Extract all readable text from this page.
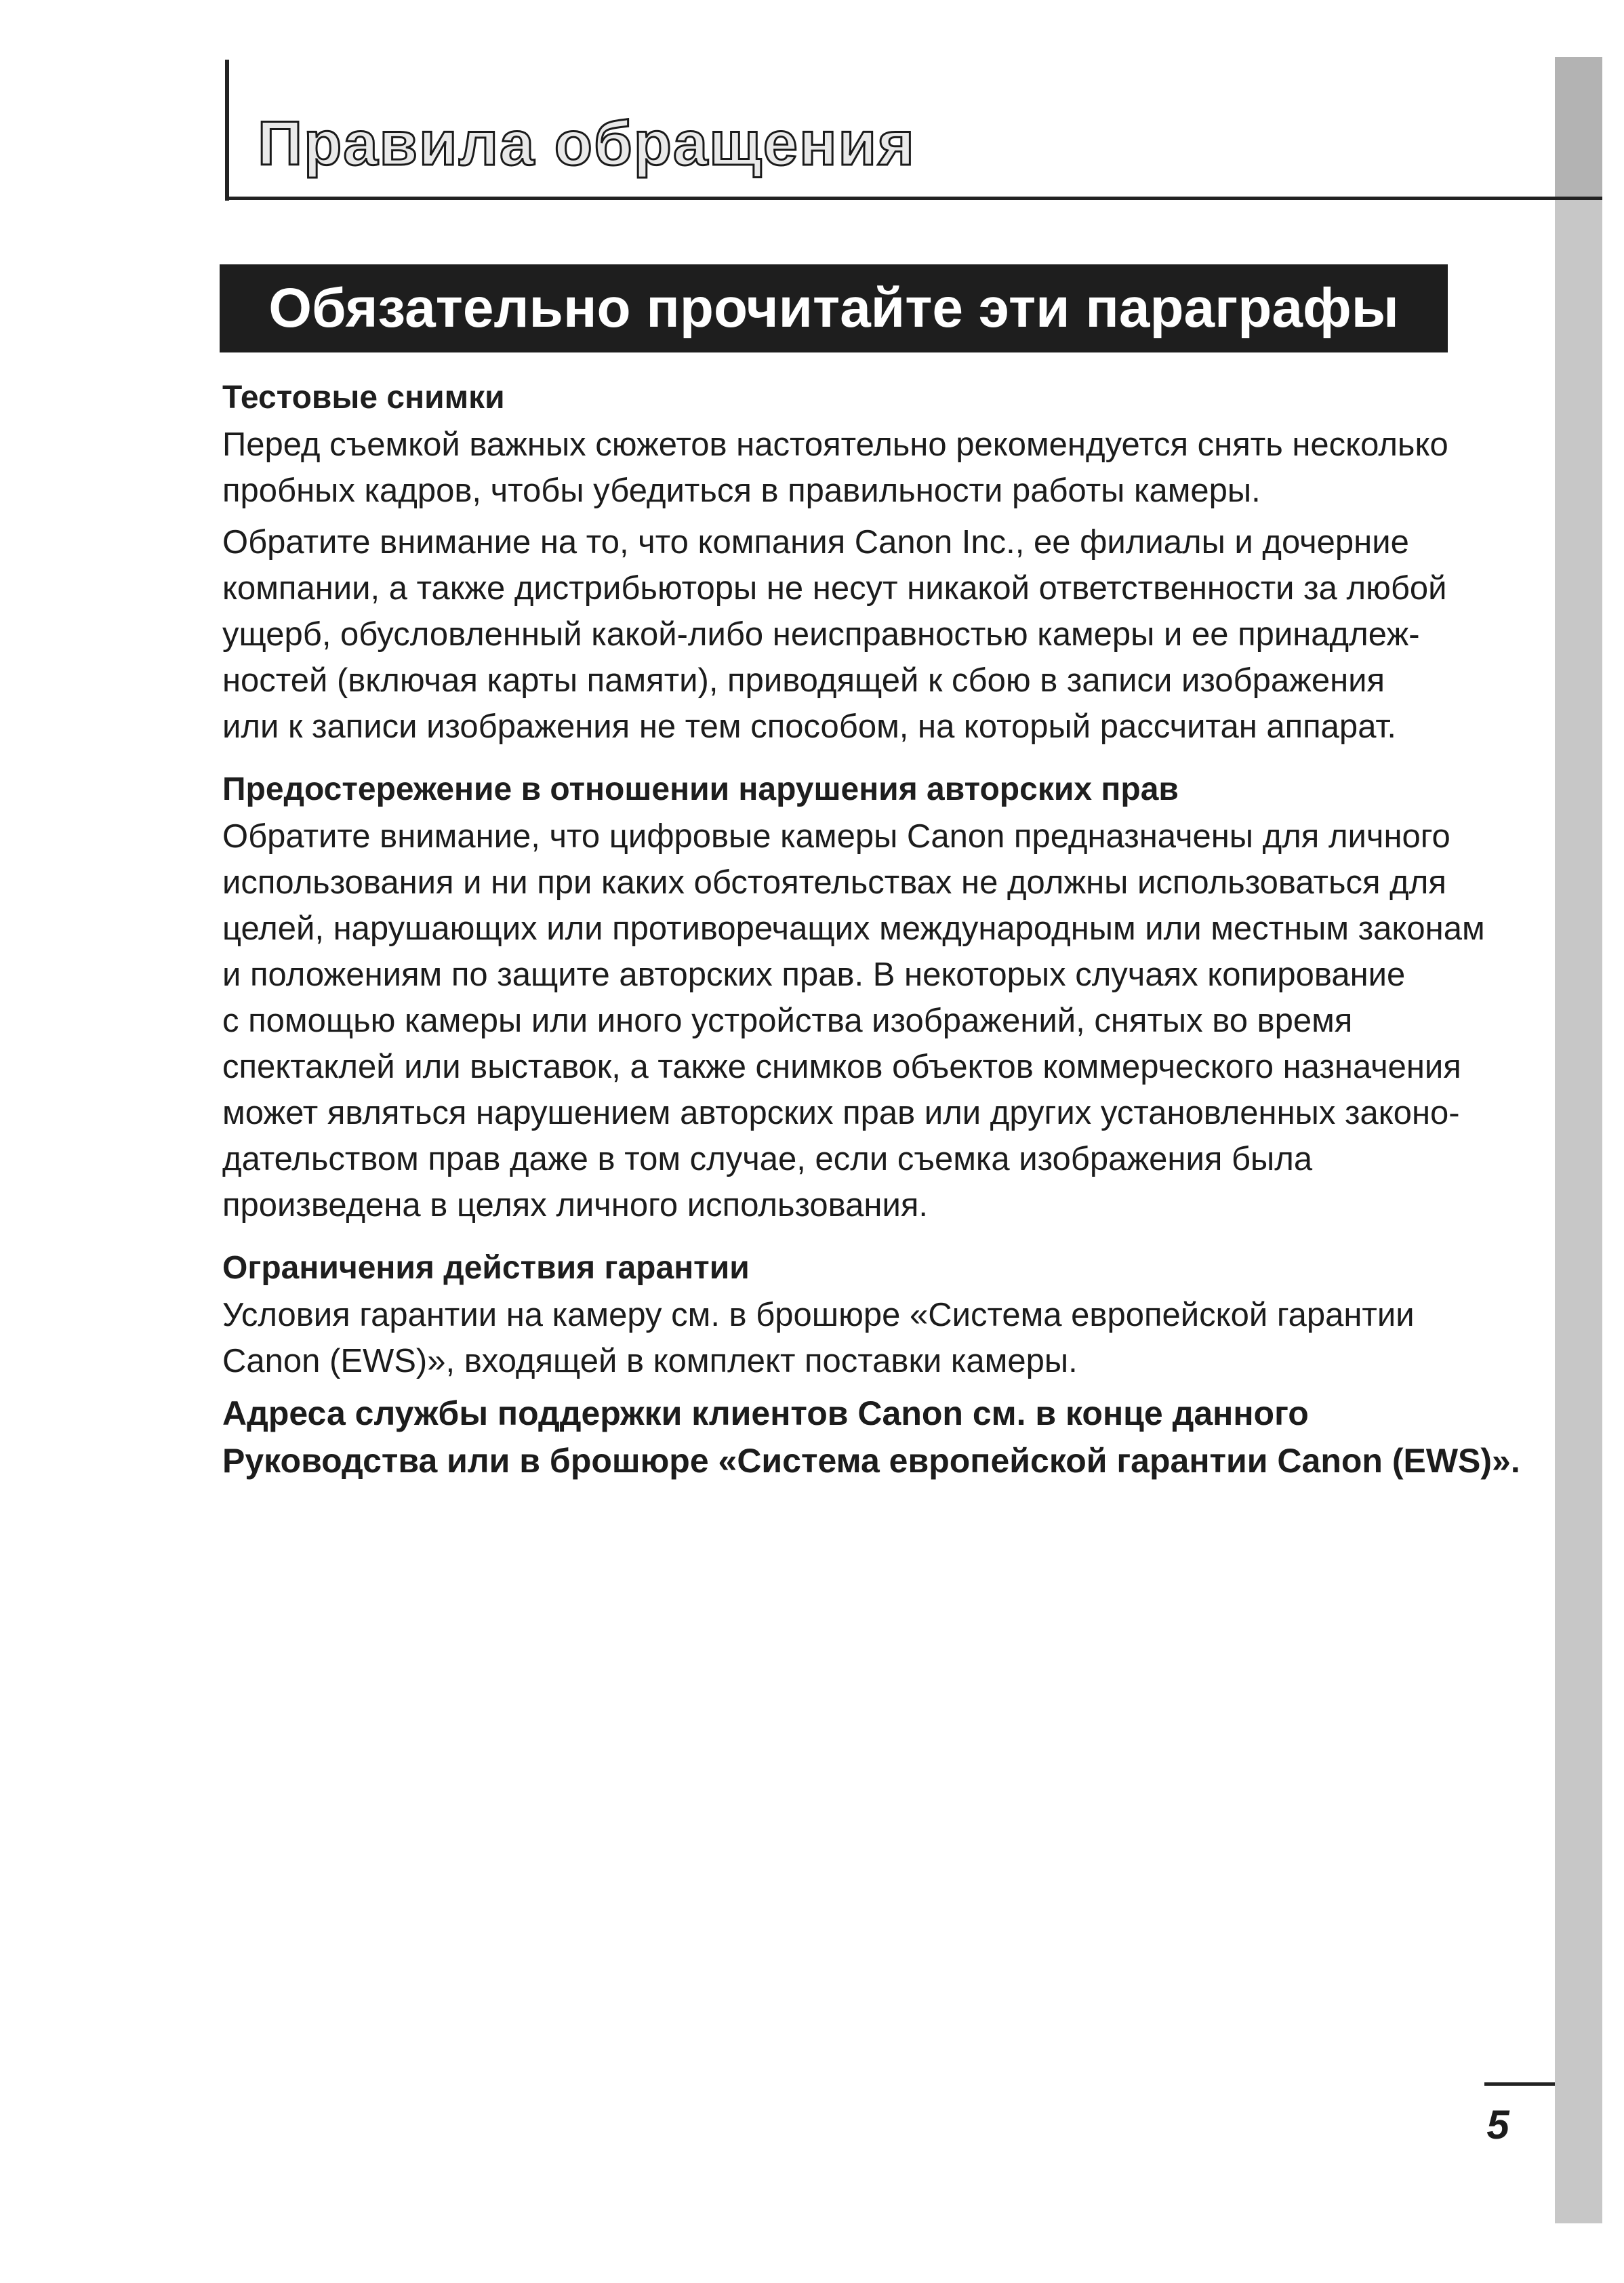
Правила обращения
Обязательно прочитайте эти параграфы

Тестовые снимки

Перед съемкой важных сюжетов настоятельно рекомендуется снять несколько

пробных кадров, чтобы убедиться в правильности работы камеры.

Обратите внимание на то, что компания Canon Inc., ее филиалы и дочерние

компании, а также дистрибьюторы не несут никакой ответственности за любой

ущерб, обусловленный какой-либо неисправностью камеры и ее принадлеж-

ностей (включая карты памяти), приводящей к сбою в записи изображения

или к записи изображения не тем способом, на который рассчитан аппарат.

Предостережение в отношении нарушения авторских прав

Обратите внимание, что цифровые камеры Canon предназначены для личного

использования и ни при каких обстоятельствах не должны использоваться для

целей, нарушающих или противоречащих международным или местным законам

и положениям по защите авторских прав. В некоторых случаях копирование

с помощью камеры или иного устройства изображений, снятых во время

спектаклей или выставок, а также снимков объектов коммерческого назначения

может являться нарушением авторских прав или других установленных законо-

дательством прав даже в том случае, если съемка изображения была

произведена в целях личного использования.

Ограничения действия гарантии

Условия гарантии на камеру см. в брошюре «Система европейской гарантии

Canon (EWS)», входящей в комплект поставки камеры.

Адреса службы поддержки клиентов Canon см. в конце данного

Руководства или в брошюре «Система европейской гарантии Canon (EWS)».

5
